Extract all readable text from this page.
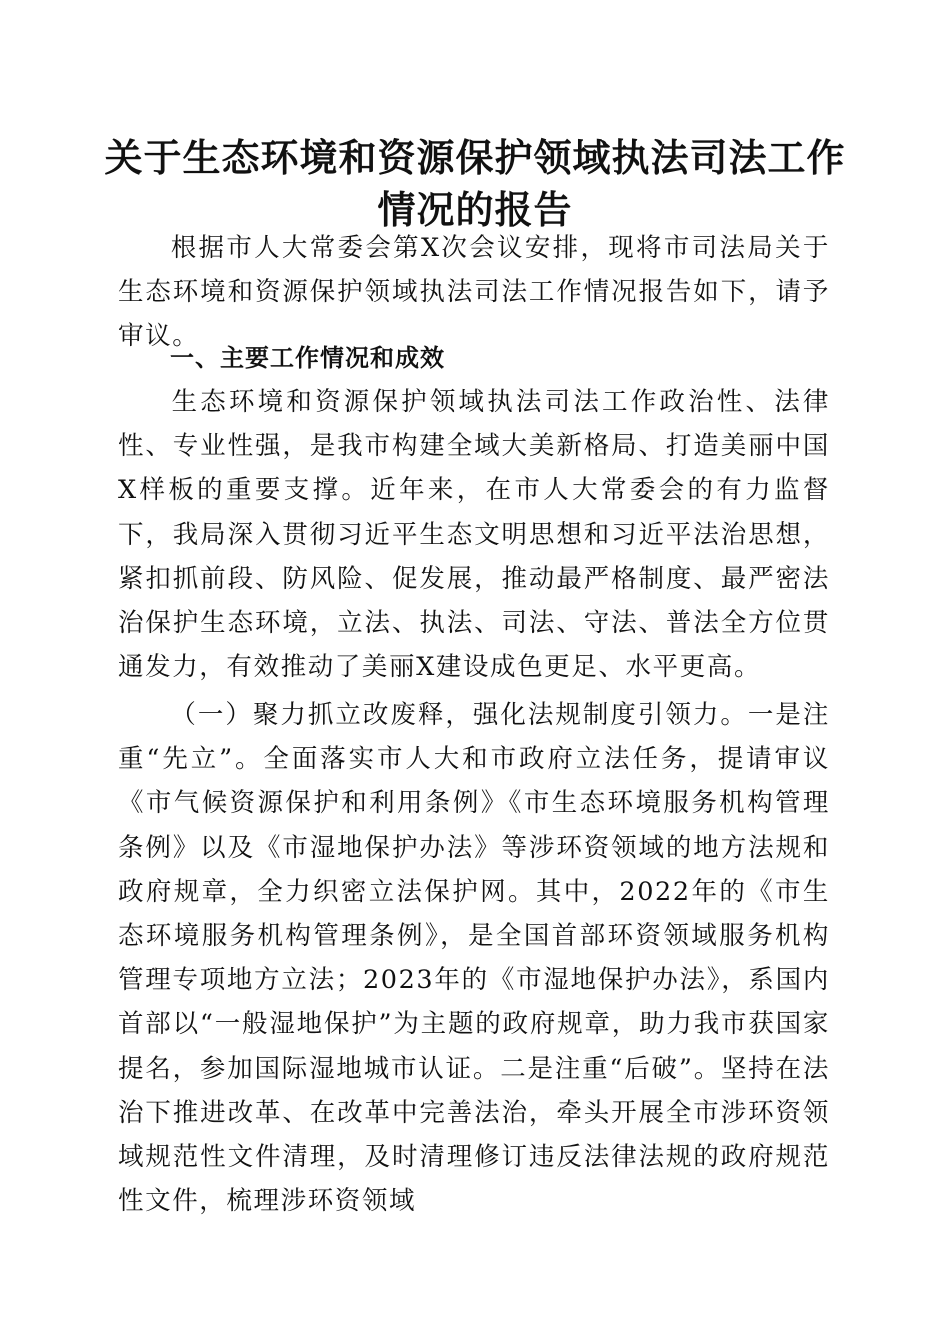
关于生态环境和资源保护领域执法司法工作情况的报告

根据市人大常委会第X次会议安排，现将市司法局关于生态环境和资源保护领域执法司法工作情况报告如下，请予审议。

一、主要工作情况和成效

生态环境和资源保护领域执法司法工作政治性、法律性、专业性强，是我市构建全域大美新格局、打造美丽中国X样板的重要支撑。近年来，在市人大常委会的有力监督下，我局深入贯彻习近平生态文明思想和习近平法治思想，紧扣抓前段、防风险、促发展，推动最严格制度、最严密法治保护生态环境，立法、执法、司法、守法、普法全方位贯通发力，有效推动了美丽X建设成色更足、水平更高。

（一）聚力抓立改废释，强化法规制度引领力。一是注重“先立”。全面落实市人大和市政府立法任务，提请审议《市气候资源保护和利用条例》《市生态环境服务机构管理条例》以及《市湿地保护办法》等涉环资领域的地方法规和政府规章，全力织密立法保护网。其中，2022年的《市生态环境服务机构管理条例》，是全国首部环资领域服务机构管理专项地方立法；2023年的《市湿地保护办法》，系国内首部以“一般湿地保护”为主题的政府规章，助力我市获国家提名，参加国际湿地城市认证。二是注重“后破”。坚持在法治下推进改革、在改革中完善法治，牵头开展全市涉环资领域规范性文件清理，及时清理修订违反法律法规的政府规范性文件，梳理涉环资领域
